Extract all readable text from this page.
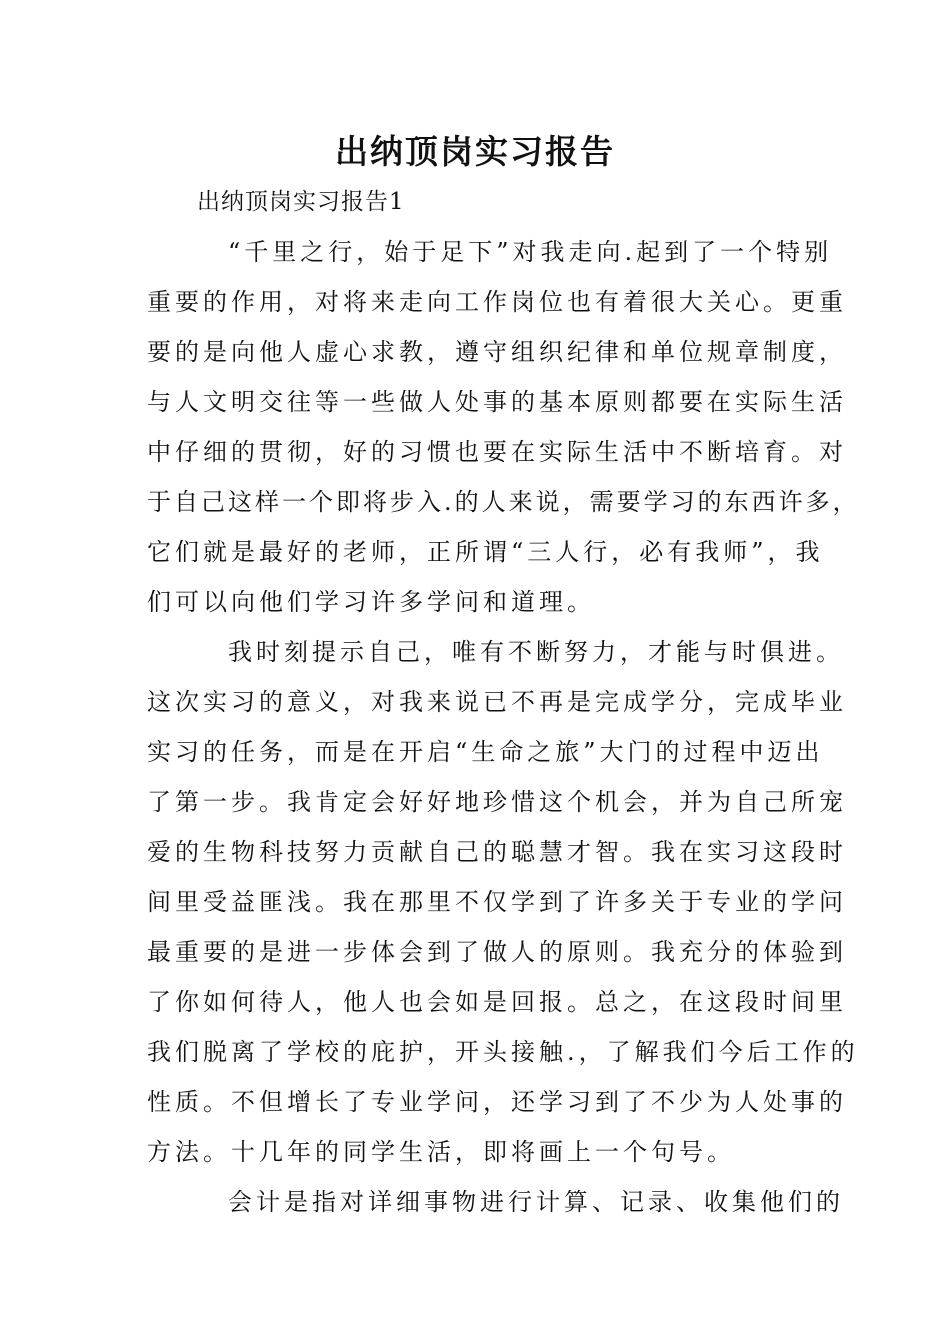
出纳顶岗实习报告
出纳顶岗实习报告1
“千里之行，始于足下”对我走向.起到了一个特别
重要的作用，对将来走向工作岗位也有着很大关心。更重
要的是向他人虚心求教，遵守组织纪律和单位规章制度，
与人文明交往等一些做人处事的基本原则都要在实际生活
中仔细的贯彻，好的习惯也要在实际生活中不断培育。对
于自己这样一个即将步入.的人来说，需要学习的东西许多，
它们就是最好的老师，正所谓“三人行，必有我师”，我
们可以向他们学习许多学问和道理。
我时刻提示自己，唯有不断努力，才能与时俱进。
这次实习的意义，对我来说已不再是完成学分，完成毕业
实习的任务，而是在开启“生命之旅”大门的过程中迈出
了第一步。我肯定会好好地珍惜这个机会，并为自己所宠
爱的生物科技努力贡献自己的聪慧才智。我在实习这段时
间里受益匪浅。我在那里不仅学到了许多关于专业的学问
最重要的是进一步体会到了做人的原则。我充分的体验到
了你如何待人，他人也会如是回报。总之，在这段时间里
我们脱离了学校的庇护，开头接触.，了解我们今后工作的
性质。不但增长了专业学问，还学习到了不少为人处事的
方法。十几年的同学生活，即将画上一个句号。
会计是指对详细事物进行计算、记录、收集他们的
